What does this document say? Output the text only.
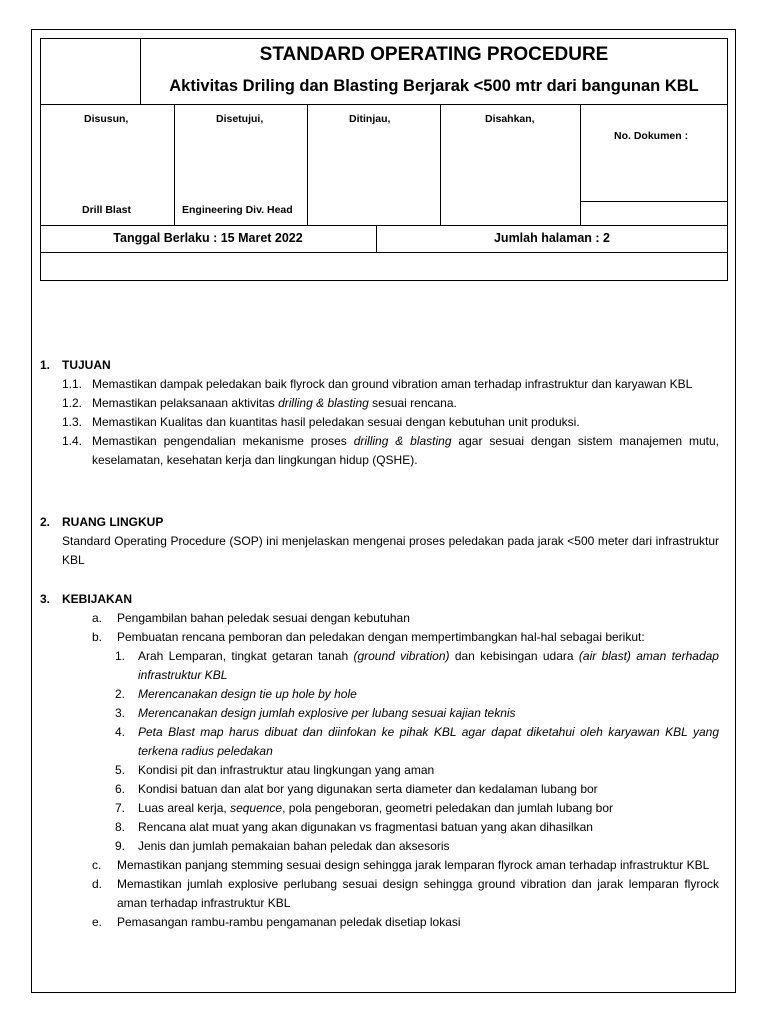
STANDARD OPERATING PROCEDURE
Aktivitas Driling dan Blasting Berjarak <500 mtr dari bangunan KBL
Disusun,	Disetujui,	Ditinjau,	Disahkan,
No. Dokumen :
Drill Blast	Engineering Div. Head
Tanggal Berlaku : 15 Maret 2022	Jumlah halaman : 2
1. TUJUAN
1.1. Memastikan dampak peledakan baik flyrock dan ground vibration aman terhadap infrastruktur dan karyawan KBL
1.2. Memastikan pelaksanaan aktivitas drilling & blasting sesuai rencana.
1.3. Memastikan Kualitas dan kuantitas hasil peledakan sesuai dengan kebutuhan unit produksi.
1.4. Memastikan pengendalian mekanisme proses drilling & blasting agar sesuai dengan sistem manajemen mutu, keselamatan, kesehatan kerja dan lingkungan hidup (QSHE).
2. RUANG LINGKUP
Standard Operating Procedure (SOP) ini menjelaskan mengenai proses peledakan pada jarak <500 meter dari infrastruktur KBL
3. KEBIJAKAN
a. Pengambilan bahan peledak sesuai dengan kebutuhan
b. Pembuatan rencana pemboran dan peledakan dengan mempertimbangkan hal-hal sebagai berikut:
1. Arah Lemparan, tingkat getaran tanah (ground vibration) dan kebisingan udara (air blast) aman terhadap infrastruktur KBL
2. Merencanakan design tie up hole by hole
3. Merencanakan design jumlah explosive per lubang sesuai kajian teknis
4. Peta Blast map harus dibuat dan diinfokan ke pihak KBL agar dapat diketahui oleh karyawan KBL yang terkena radius peledakan
5. Kondisi pit dan infrastruktur atau lingkungan yang aman
6. Kondisi batuan dan alat bor yang digunakan serta diameter dan kedalaman lubang bor
7. Luas areal kerja, sequence, pola pengeboran, geometri peledakan dan jumlah lubang bor
8. Rencana alat muat yang akan digunakan vs fragmentasi batuan yang akan dihasilkan
9. Jenis dan jumlah pemakaian bahan peledak dan aksesoris
c. Memastikan panjang stemming sesuai design sehingga jarak lemparan flyrock aman terhadap infrastruktur KBL
d. Memastikan jumlah explosive perlubang sesuai design sehingga ground vibration dan jarak lemparan flyrock aman terhadap infrastruktur KBL
e. Pemasangan rambu-rambu pengamanan peledak disetiap lokasi
